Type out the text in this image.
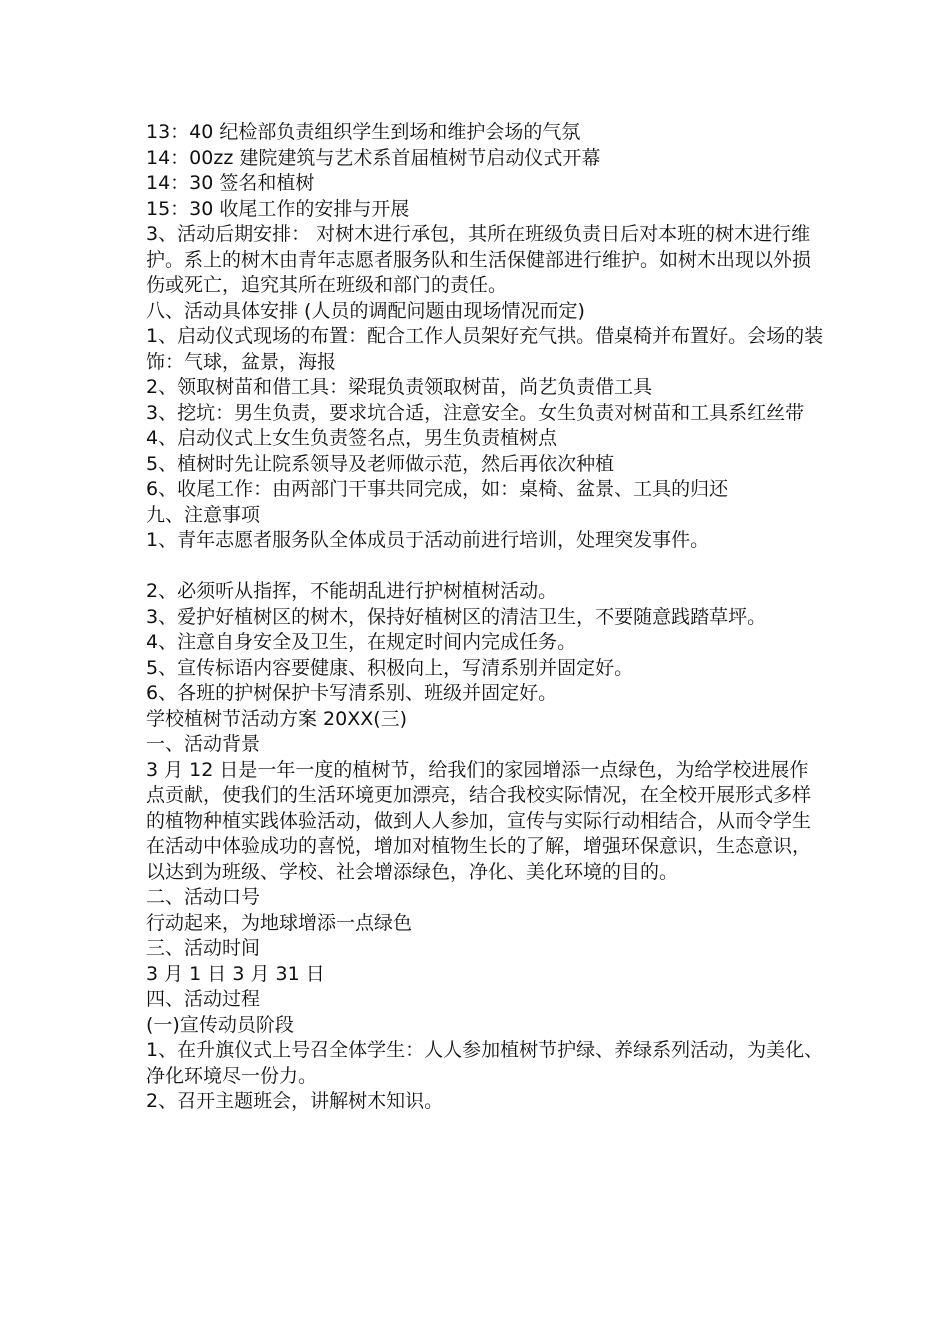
13：40 纪检部负责组织学生到场和维护会场的气氛
14：00zz 建院建筑与艺术系首届植树节启动仪式开幕
14：30 签名和植树
15：30 收尾工作的安排与开展
3、活动后期安排： 对树木进行承包，其所在班级负责日后对本班的树木进行维护。系上的树木由青年志愿者服务队和生活保健部进行维护。如树木出现以外损伤或死亡，追究其所在班级和部门的责任。
八、活动具体安排 (人员的调配问题由现场情况而定)
1、启动仪式现场的布置：配合工作人员架好充气拱。借桌椅并布置好。会场的装饰：气球，盆景，海报
2、领取树苗和借工具：梁琨负责领取树苗，尚艺负责借工具
3、挖坑：男生负责，要求坑合适，注意安全。女生负责对树苗和工具系红丝带
4、启动仪式上女生负责签名点，男生负责植树点
5、植树时先让院系领导及老师做示范，然后再依次种植
6、收尾工作：由两部门干事共同完成，如：桌椅、盆景、工具的归还
九、注意事项
1、青年志愿者服务队全体成员于活动前进行培训，处理突发事件。
2、必须听从指挥，不能胡乱进行护树植树活动。
3、爱护好植树区的树木，保持好植树区的清洁卫生，不要随意践踏草坪。
4、注意自身安全及卫生，在规定时间内完成任务。
5、宣传标语内容要健康、积极向上，写清系别并固定好。
6、各班的护树保护卡写清系别、班级并固定好。
学校植树节活动方案 20XX(三)
一、活动背景
3 月 12 日是一年一度的植树节，给我们的家园增添一点绿色，为给学校进展作点贡献，使我们的生活环境更加漂亮，结合我校实际情况，在全校开展形式多样的植物种植实践体验活动，做到人人参加，宣传与实际行动相结合，从而令学生在活动中体验成功的喜悦，增加对植物生长的了解，增强环保意识，生态意识，以达到为班级、学校、社会增添绿色，净化、美化环境的目的。
二、活动口号
行动起来，为地球增添一点绿色
三、活动时间
3 月 1 日 3 月 31 日
四、活动过程
(一)宣传动员阶段
1、在升旗仪式上号召全体学生：人人参加植树节护绿、养绿系列活动，为美化、净化环境尽一份力。
2、召开主题班会，讲解树木知识。
